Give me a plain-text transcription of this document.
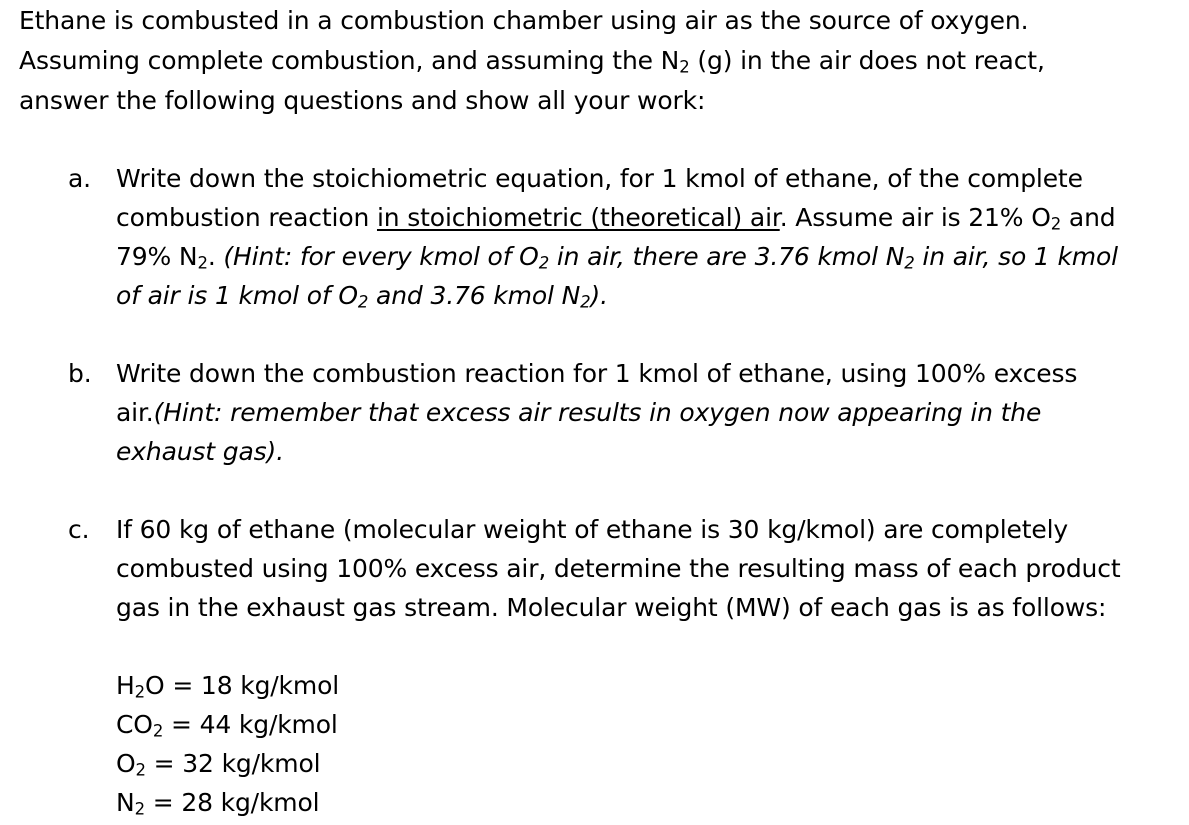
Ethane is combusted in a combustion chamber using air as the source of oxygen.
Assuming complete combustion, and assuming the $N_2$ (g) in the air does not react,
answer the following questions and show all your work:
a. Write down the stoichiometric equation, for 1 kmol of ethane, of the complete
combustion reaction in stoichiometric (theoretical) air. Assume air is 21% $O_2$ and
79% $N_2$. (Hint: for every kmol of $O_2$ in air, there are 3.76 kmol $N_2$ in air, so 1 kmol
of air is 1 kmol of $O_2$ and 3.76 kmol $N_2$).
b. Write down the combustion reaction for 1 kmol of ethane, using 100% excess
air.(Hint: remember that excess air results in oxygen now appearing in the
exhaust gas).
c. If 60 kg of ethane (molecular weight of ethane is 30 kg/kmol) are completely
combusted using 100% excess air, determine the resulting mass of each product
gas in the exhaust gas stream. Molecular weight (MW) of each gas is as follows:
$H_2O = 18$ kg/kmol
$CO_2 = 44$ kg/kmol
$O_2 = 32$ kg/kmol
$N_2 = 28$ kg/kmol
